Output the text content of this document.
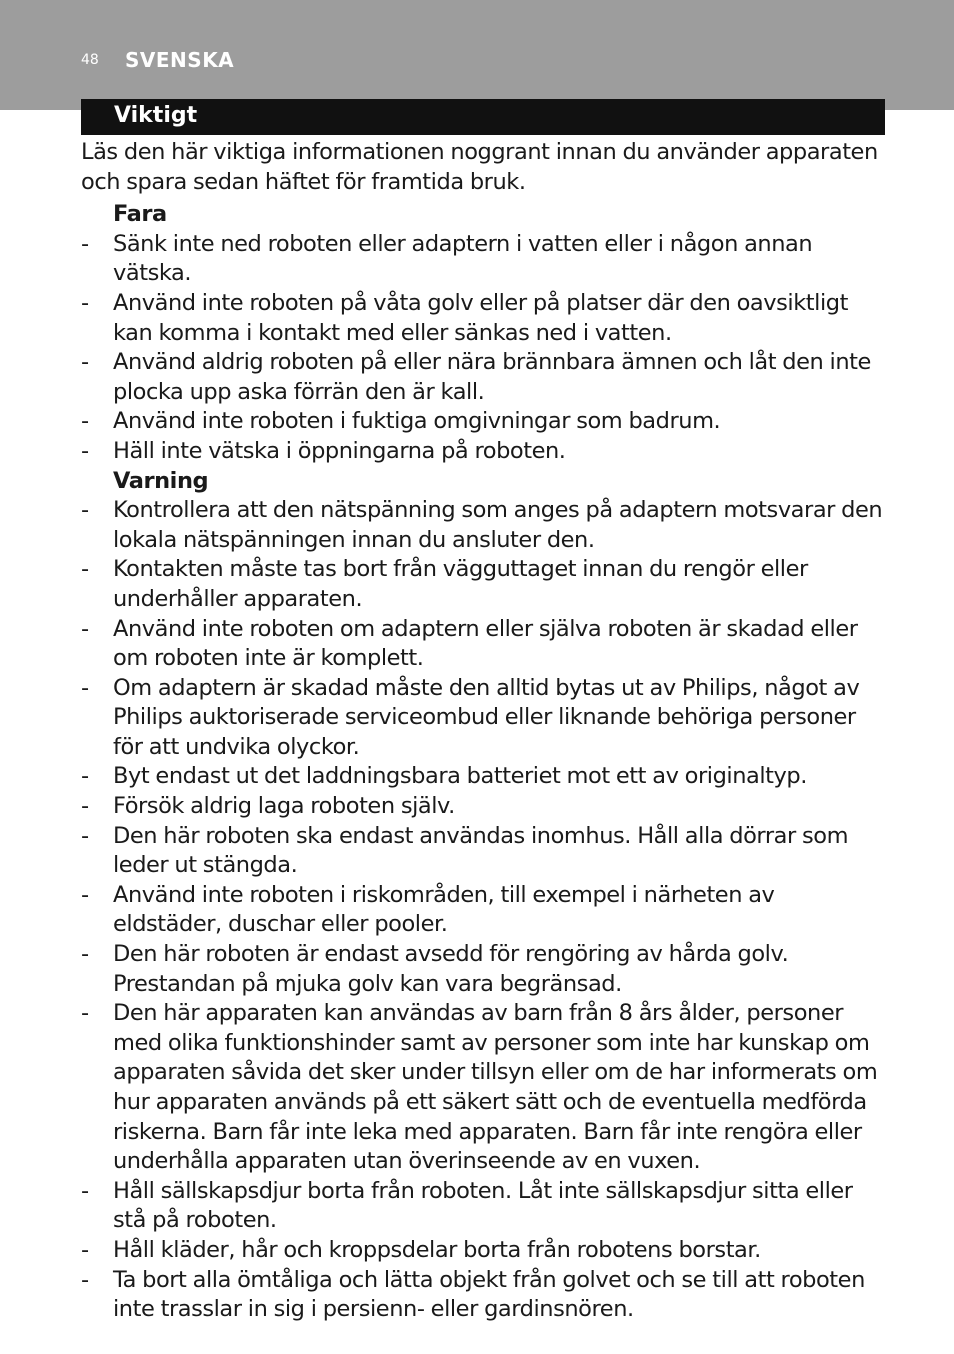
48 SVENSKA
Viktigt

Läs den här viktiga informationen noggrant innan du använder apparaten och spara sedan häftet för framtida bruk.

Fara

-	Sänk inte ned roboten eller adaptern i vatten eller i någon annan vätska.
-	Använd inte roboten på våta golv eller på platser där den oavsiktligt kan komma i kontakt med eller sänkas ned i vatten.
-	Använd aldrig roboten på eller nära brännbara ämnen och låt den inte plocka upp aska förrän den är kall.
-	Använd inte roboten i fuktiga omgivningar som badrum.
-	Häll inte vätska i öppningarna på roboten.

Varning

-	Kontrollera att den nätspänning som anges på adaptern motsvarar den lokala nätspänningen innan du ansluter den.
-	Kontakten måste tas bort från vägguttaget innan du rengör eller underhåller apparaten.
-	Använd inte roboten om adaptern eller själva roboten är skadad eller om roboten inte är komplett.
-	Om adaptern är skadad måste den alltid bytas ut av Philips, något av Philips auktoriserade serviceombud eller liknande behöriga personer för att undvika olyckor.
-	Byt endast ut det laddningsbara batteriet mot ett av originaltyp.
-	Försök aldrig laga roboten själv.
-	Den här roboten ska endast användas inomhus. Håll alla dörrar som leder ut stängda.
-	Använd inte roboten i riskområden, till exempel i närheten av eldstäder, duschar eller pooler.
-	Den här roboten är endast avsedd för rengöring av hårda golv. Prestandan på mjuka golv kan vara begränsad.
-	Den här apparaten kan användas av barn från 8 års ålder, personer med olika funktionshinder samt av personer som inte har kunskap om apparaten såvida det sker under tillsyn eller om de har informerats om hur apparaten används på ett säkert sätt och de eventuella medförda riskerna. Barn får inte leka med apparaten. Barn får inte rengöra eller underhålla apparaten utan överinseende av en vuxen.
-	Håll sällskapsdjur borta från roboten. Låt inte sällskapsdjur sitta eller stå på roboten.
-	Håll kläder, hår och kroppsdelar borta från robotens borstar.
-	Ta bort alla ömtåliga och lätta objekt från golvet och se till att roboten inte trasslar in sig i persienn- eller gardinsnören.
